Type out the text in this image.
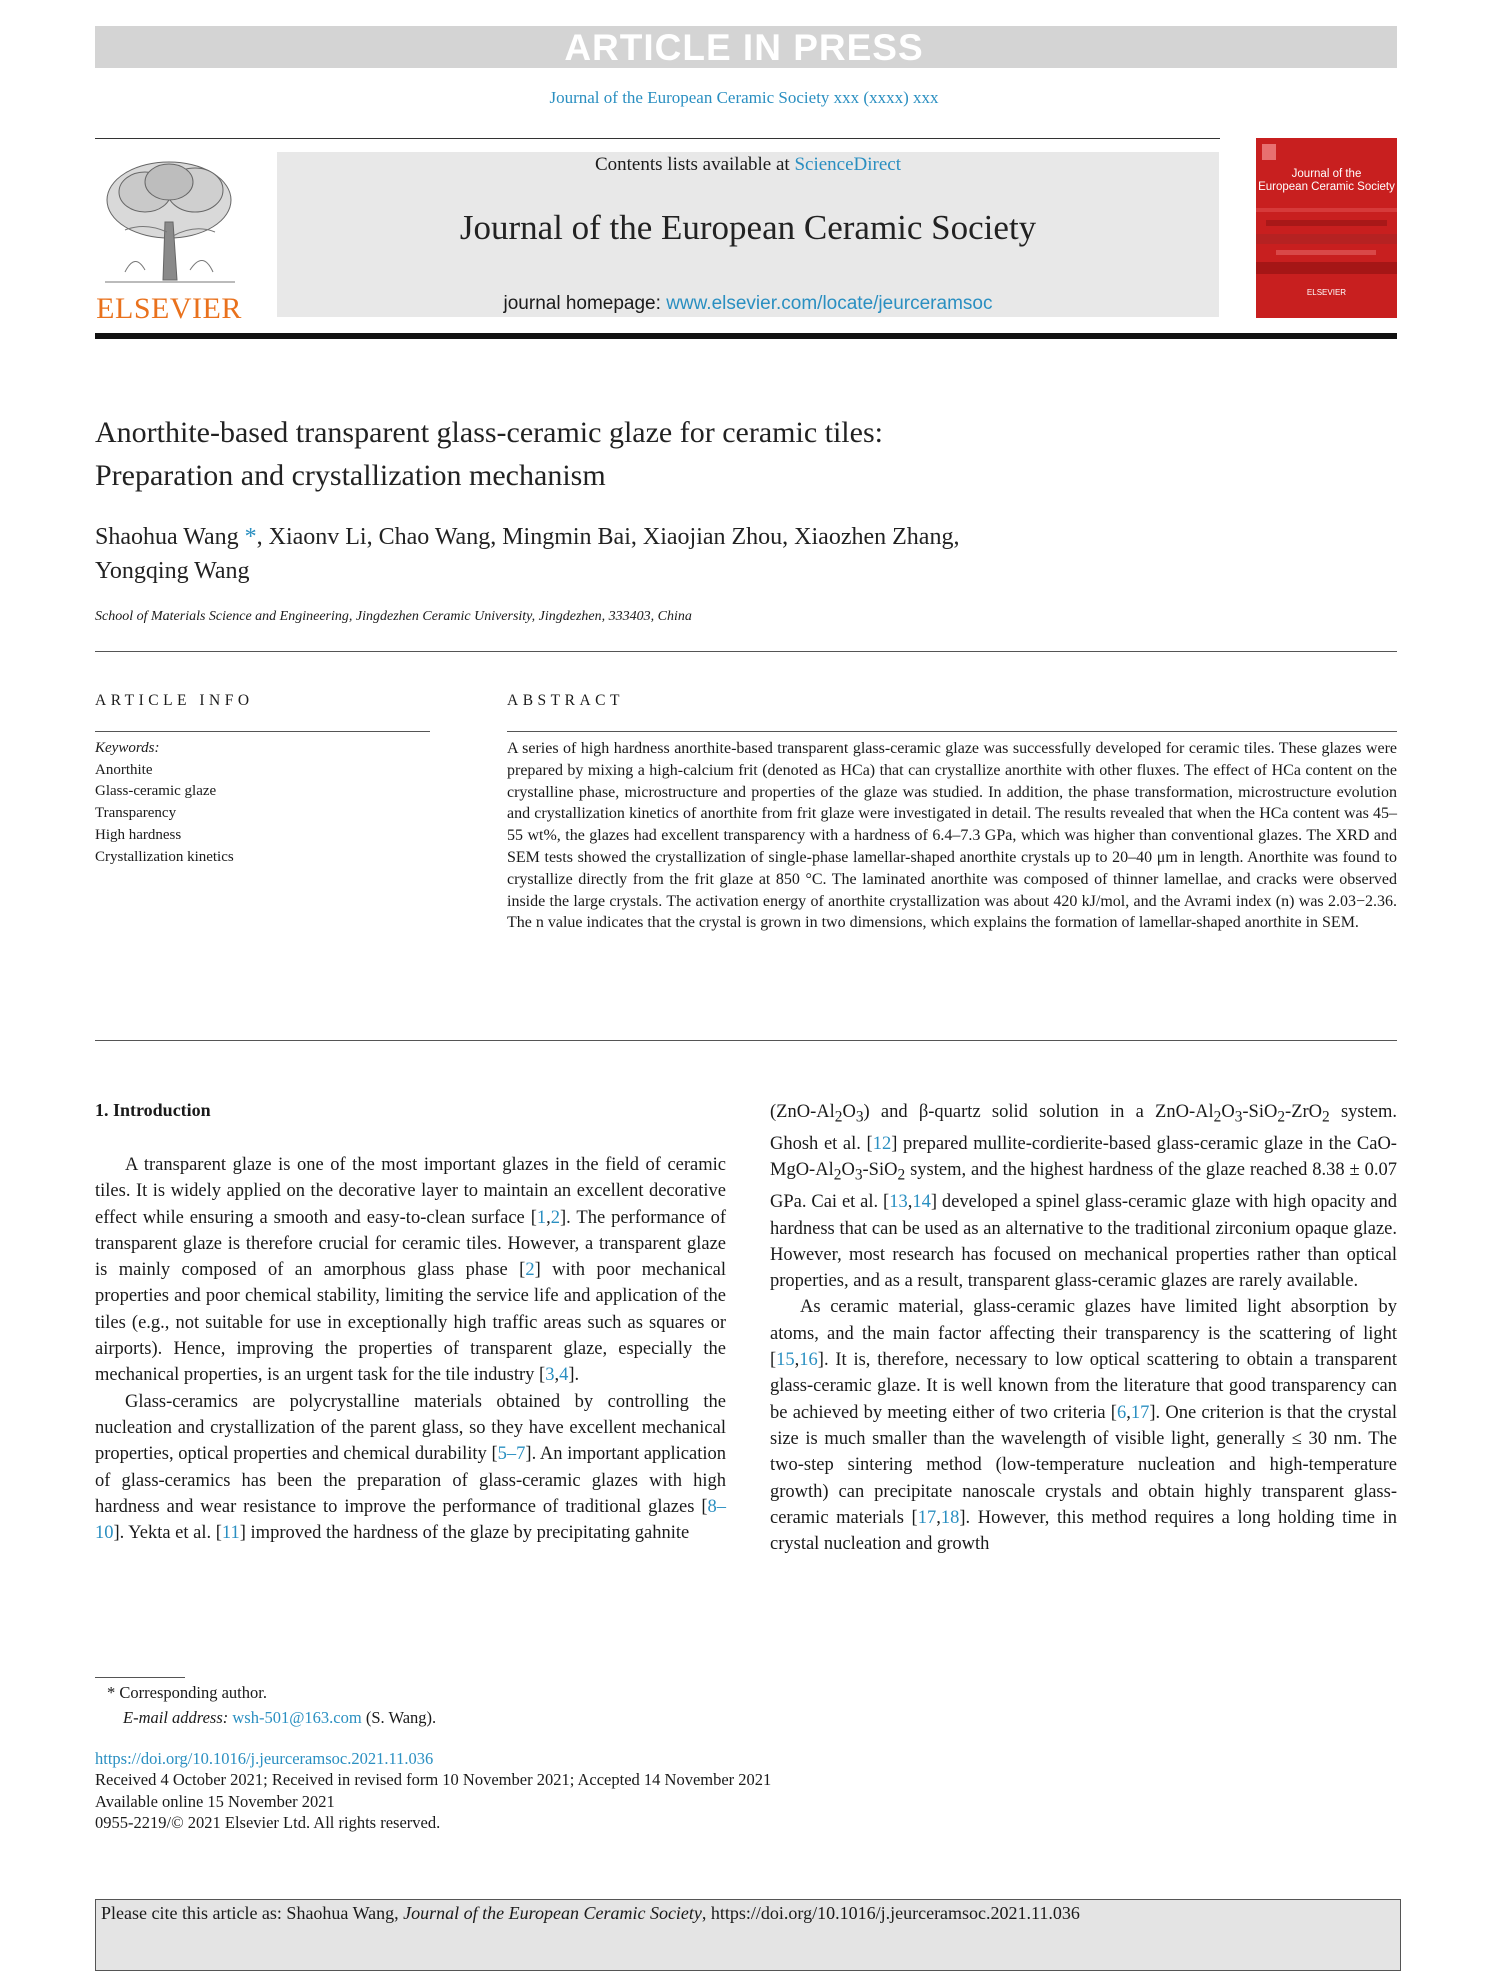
ARTICLE IN PRESS
Journal of the European Ceramic Society xxx (xxxx) xxx
ELSEVIER
Contents lists available at ScienceDirect
Journal of the European Ceramic Society
journal homepage: www.elsevier.com/locate/jeurceramsoc
Journal of the
European Ceramic Society
ELSEVIER
Anorthite-based transparent glass-ceramic glaze for ceramic tiles:
Preparation and crystallization mechanism
Shaohua Wang *, Xiaonv Li, Chao Wang, Mingmin Bai, Xiaojian Zhou, Xiaozhen Zhang,
Yongqing Wang
School of Materials Science and Engineering, Jingdezhen Ceramic University, Jingdezhen, 333403, China
ARTICLE INFO	ABSTRACT
Keywords:
Anorthite
Glass-ceramic glaze
Transparency
High hardness
Crystallization kinetics
A series of high hardness anorthite-based transparent glass-ceramic glaze was successfully developed for ceramic tiles. These glazes were prepared by mixing a high-calcium frit (denoted as HCa) that can crystallize anorthite with other fluxes. The effect of HCa content on the crystalline phase, microstructure and properties of the glaze was studied. In addition, the phase transformation, microstructure evolution and crystallization kinetics of anorthite from frit glaze were investigated in detail. The results revealed that when the HCa content was 45–55 wt%, the glazes had excellent transparency with a hardness of 6.4–7.3 GPa, which was higher than conventional glazes. The XRD and SEM tests showed the crystallization of single-phase lamellar-shaped anorthite crystals up to 20–40 μm in length. Anorthite was found to crystallize directly from the frit glaze at 850 °C. The laminated anorthite was composed of thinner lamellae, and cracks were observed inside the large crystals. The activation energy of anorthite crystallization was about 420 kJ/mol, and the Avrami index (n) was 2.03−2.36. The n value indicates that the crystal is grown in two dimensions, which explains the formation of lamellar-shaped anorthite in SEM.
1. Introduction

A transparent glaze is one of the most important glazes in the field of ceramic tiles. It is widely applied on the decorative layer to maintain an excellent decorative effect while ensuring a smooth and easy-to-clean surface [1,2]. The performance of transparent glaze is therefore crucial for ceramic tiles. However, a transparent glaze is mainly composed of an amorphous glass phase [2] with poor mechanical properties and poor chemical stability, limiting the service life and application of the tiles (e.g., not suitable for use in exceptionally high traffic areas such as squares or airports). Hence, improving the properties of transparent glaze, especially the mechanical properties, is an urgent task for the tile industry [3,4].

Glass-ceramics are polycrystalline materials obtained by controlling the nucleation and crystallization of the parent glass, so they have excellent mechanical properties, optical properties and chemical durability [5–7]. An important application of glass-ceramics has been the preparation of glass-ceramic glazes with high hardness and wear resistance to improve the performance of traditional glazes [8–10]. Yekta et al. [11] improved the hardness of the glaze by precipitating gahnite

$(ZnO-Al_2O_3)$ and β-quartz solid solution in a ZnO-$Al_2O_3-SiO_2-ZrO_2$ system. Ghosh et al. [12] prepared mullite-cordierite-based glass-ceramic glaze in the CaO-$MgO-Al_2O_3-SiO_2$ system, and the highest hardness of the glaze reached 8.38 ± 0.07 GPa. Cai et al. [13,14] developed a spinel glass-ceramic glaze with high opacity and hardness that can be used as an alternative to the traditional zirconium opaque glaze. However, most research has focused on mechanical properties rather than optical properties, and as a result, transparent glass-ceramic glazes are rarely available.

As ceramic material, glass-ceramic glazes have limited light absorption by atoms, and the main factor affecting their transparency is the scattering of light [15,16]. It is, therefore, necessary to low optical scattering to obtain a transparent glass-ceramic glaze. It is well known from the literature that good transparency can be achieved by meeting either of two criteria [6,17]. One criterion is that the crystal size is much smaller than the wavelength of visible light, generally ≤ 30 nm. The two-step sintering method (low-temperature nucleation and high-temperature growth) can precipitate nanoscale crystals and obtain highly transparent glass-ceramic materials [17,18]. However, this method requires a long holding time in crystal nucleation and growth

* Corresponding author.
E-mail address: wsh-501@163.com (S. Wang).
https://doi.org/10.1016/j.jeurceramsoc.2021.11.036
Received 4 October 2021; Received in revised form 10 November 2021; Accepted 14 November 2021
Available online 15 November 2021
0955-2219/© 2021 Elsevier Ltd. All rights reserved.
Please cite this article as: Shaohua Wang, Journal of the European Ceramic Society, https://doi.org/10.1016/j.jeurceramsoc.2021.11.036
